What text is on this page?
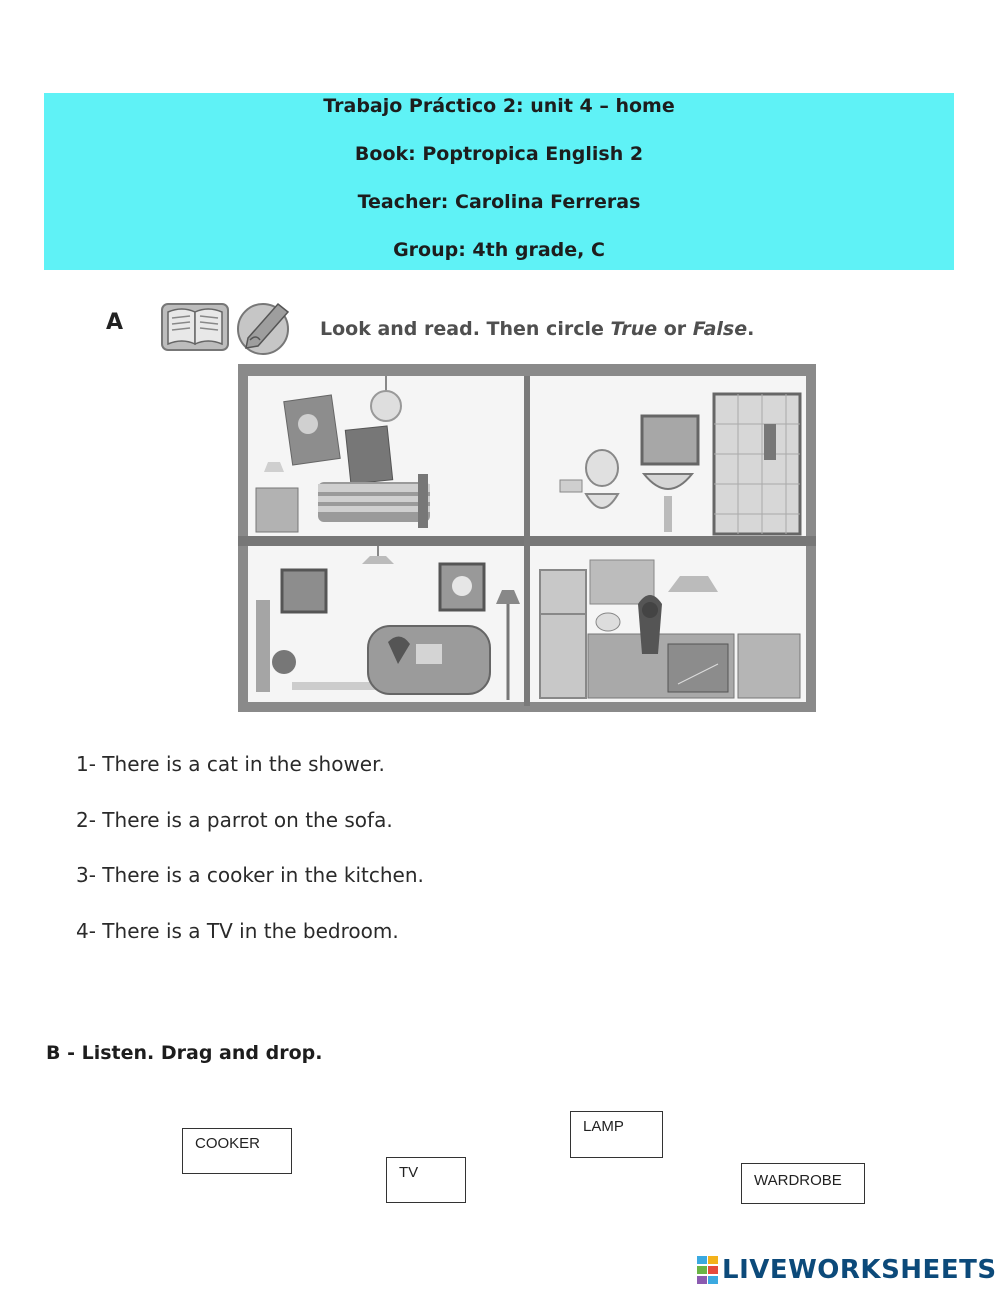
Trabajo Práctico 2: unit 4 – home
Book: Poptropica English 2
Teacher: Carolina Ferreras
Group: 4th grade, C
A	Look and read. Then circle True or False.
1- There is a cat in the shower.
2- There is a parrot on the sofa.
3- There is a cooker in the kitchen.
4- There is a TV in the bedroom.
B - Listen. Drag and drop.
COOKER
TV
LAMP
WARDROBE
LIVEWORKSHEETS
